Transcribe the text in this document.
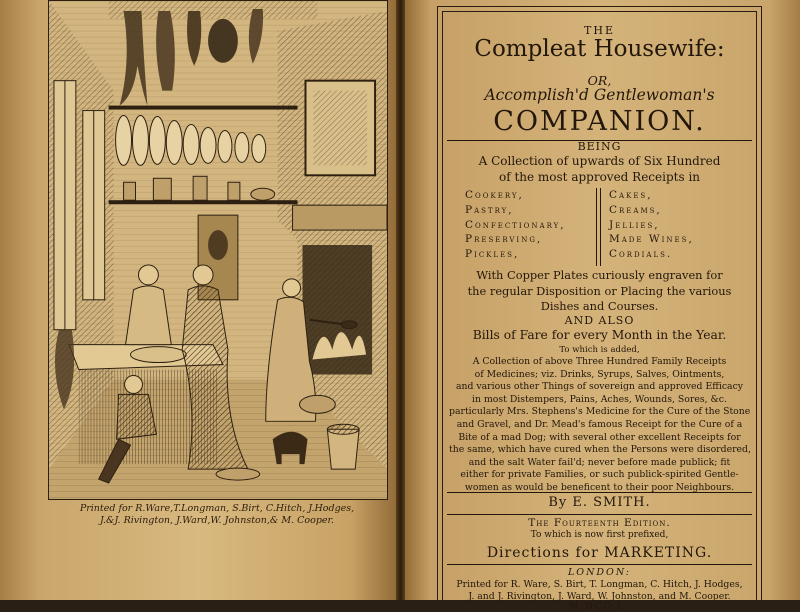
Printed for R.Ware,T.Longman, S.Birt, C.Hitch, J.Hodges,
J.&J. Rivington, J.Ward,W. Johnston,& M. Cooper.
THE
Compleat Housewife:
OR,
Accomplish'd Gentlewoman's
COMPANION.
BEING
A Collection of upwards of Six Hundred
of the most approved Receipts in
Cookery,
Pastry,
Confectionary,
Preserving,
Pickles,
Cakes,
Creams,
Jellies,
Made Wines,
Cordials.
With Copper Plates curiously engraven for
the regular Disposition or Placing the various
Dishes and Courses.
AND ALSO
Bills of Fare for every Month in the Year.
To which is added,
A Collection of above Three Hundred Family Receipts
of Medicines; viz. Drinks, Syrups, Salves, Ointments,
and various other Things of sovereign and approved Efficacy
in most Distempers, Pains, Aches, Wounds, Sores, &c.
particularly Mrs. Stephens's Medicine for the Cure of the Stone
and Gravel, and Dr. Mead's famous Receipt for the Cure of a
Bite of a mad Dog; with several other excellent Receipts for
the same, which have cured when the Persons were disordered,
and the salt Water fail'd; never before made publick; fit
either for private Families, or such publick-spirited Gentle-
women as would be beneficent to their poor Neighbours.
By E. SMITH.
The Fourteenth Edition.
To which is now first prefixed,
Directions for MARKETING.
LONDON:
Printed for R. Ware, S. Birt, T. Longman, C. Hitch, J. Hodges,
J. and J. Rivington, J. Ward, W. Johnston, and M. Cooper.
M.DCC.L.
